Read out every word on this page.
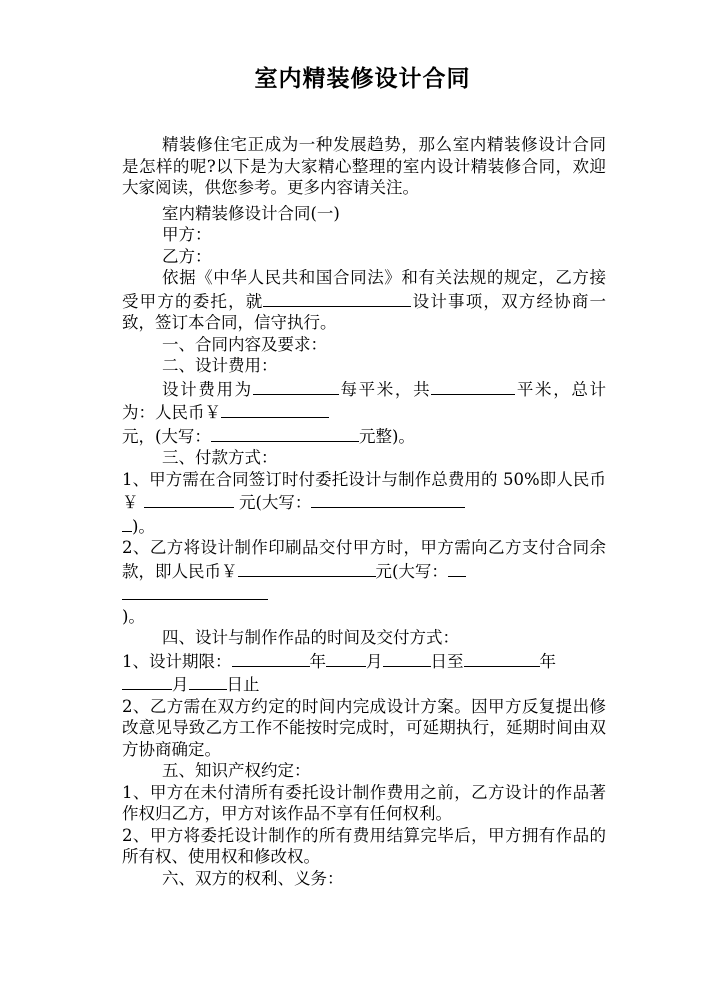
室内精装修设计合同

精装修住宅正成为一种发展趋势，那么室内精装修设计合同是怎样的呢?以下是为大家精心整理的室内设计精装修合同，欢迎大家阅读，供您参考。更多内容请关注。

室内精装修设计合同(一)

甲方：

乙方：

依据《中华人民共和国合同法》和有关法规的规定，乙方接受甲方的委托，就	设计事项，双方经协商一致，签订本合同，信守执行。

一、合同内容及要求：

二、设计费用：

设计费用为	每平米，共	平米，总计为：人民币￥
元，(大写：	元整)。

三、付款方式：

1、甲方需在合同签订时付委托设计与制作总费用的 50%即人民币 ￥	元(大写：
)。

2、乙方将设计制作印刷品交付甲方时，甲方需向乙方支付合同余款，即人民币￥	元(大写：

)。

四、设计与制作作品的时间及交付方式：

1、设计期限：	年 月	日至	年
月 日止

2、乙方需在双方约定的时间内完成设计方案。因甲方反复提出修改意见导致乙方工作不能按时完成时，可延期执行，延期时间由双方协商确定。

五、知识产权约定：

1、甲方在未付清所有委托设计制作费用之前，乙方设计的作品著作权归乙方，甲方对该作品不享有任何权利。

2、甲方将委托设计制作的所有费用结算完毕后，甲方拥有作品的所有权、使用权和修改权。

六、双方的权利、义务：
